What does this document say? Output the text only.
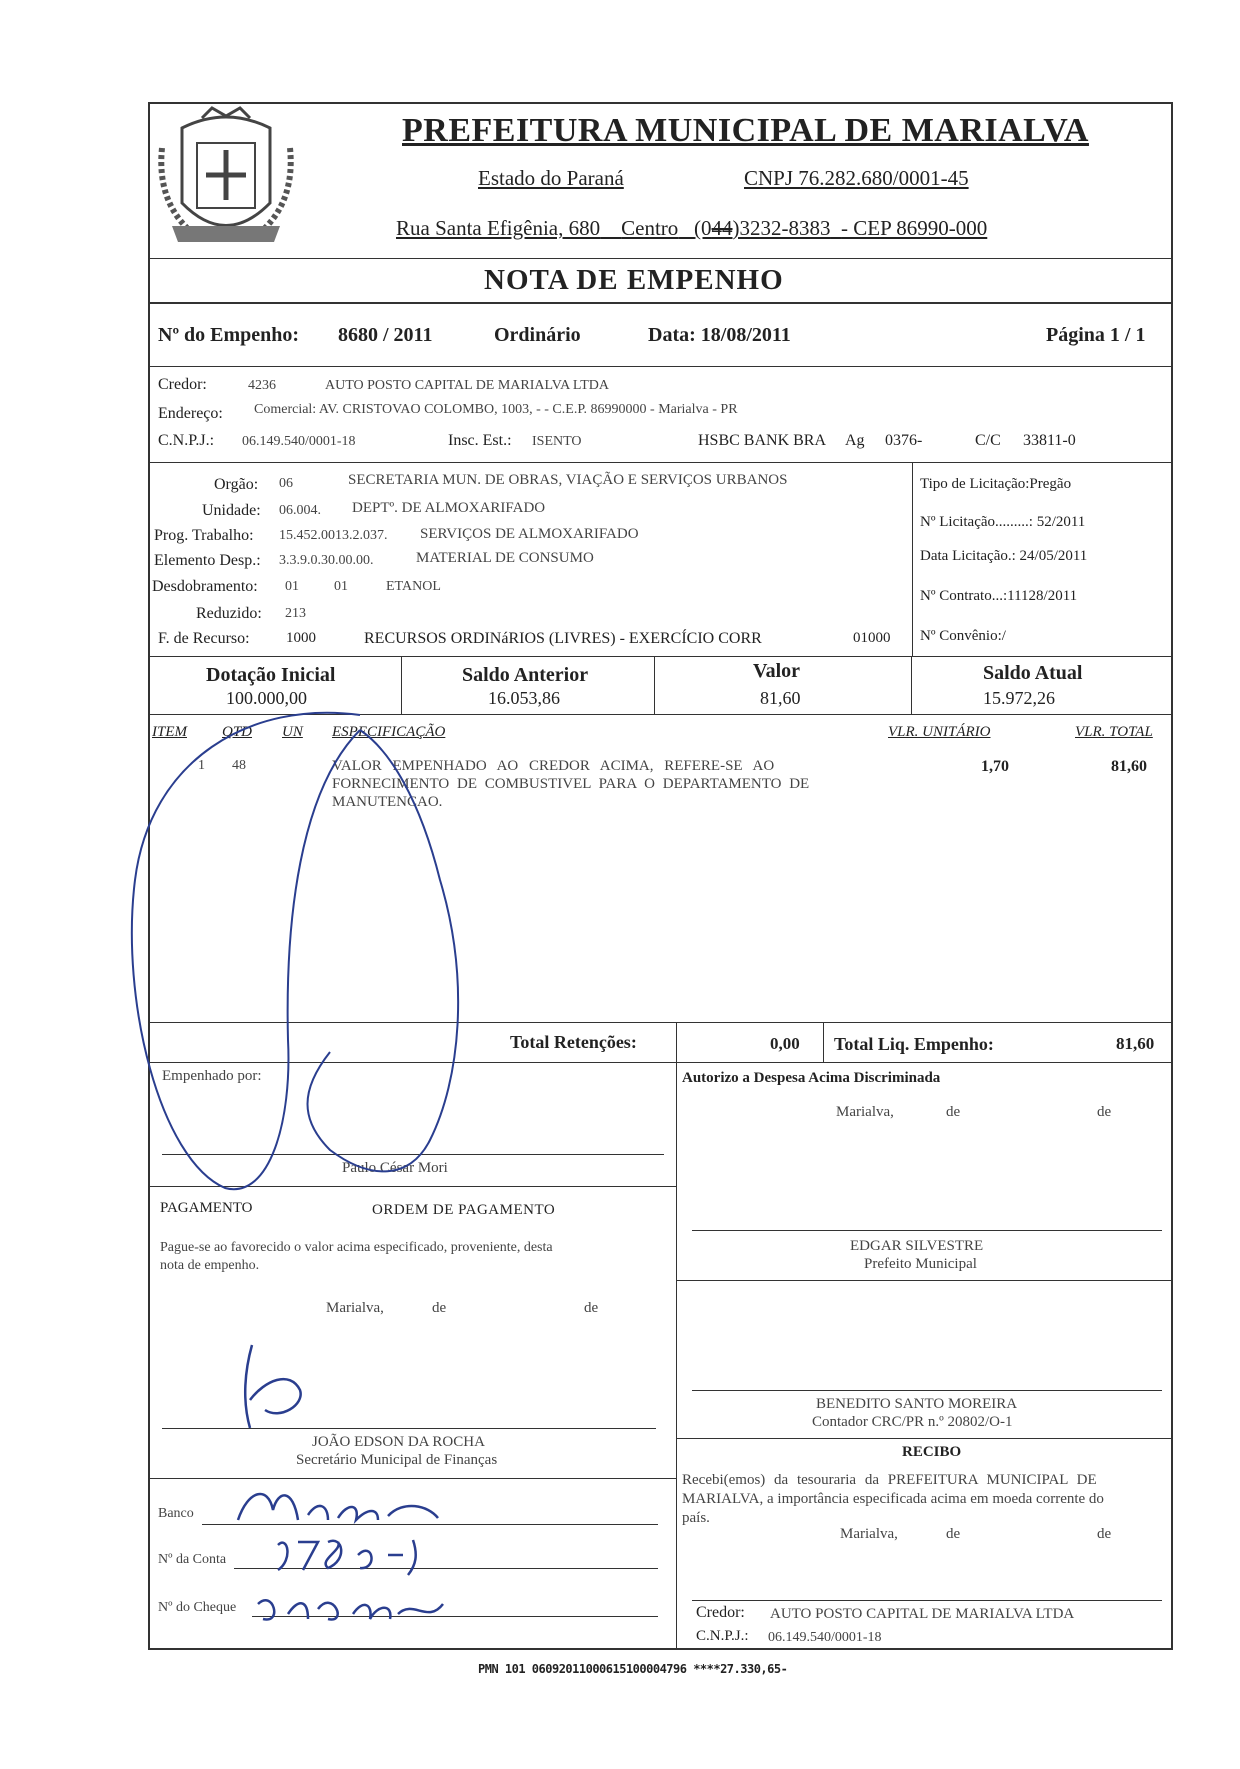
PREFEITURA MUNICIPAL DE MARIALVA
Estado do Paraná	CNPJ 76.282.680/0001-45
Rua Santa Efigênia, 680 Centro (044)3232-8383 - CEP 86990-000
NOTA DE EMPENHO
Nº do Empenho: 8680 / 2011	Ordinário	Data: 18/08/2011	Página 1 / 1
Credor:	4236	AUTO POSTO CAPITAL DE MARIALVA LTDA
Endereço: Comercial: AV. CRISTOVAO COLOMBO, 1003, - - C.E.P. 86990000 - Marialva - PR
C.N.P.J.: 06.149.540/0001-18	Insc. Est.: ISENTO	HSBC BANK BRA Ag 0376-	C/C 33811-0
Orgão: 06	SECRETARIA MUN. DE OBRAS, VIAÇÃO E SERVIÇOS URBANOS
Unidade: 06.004. DEPTº. DE ALMOXARIFADO
Prog. Trabalho: 15.452.0013.2.037. SERVIÇOS DE ALMOXARIFADO
Elemento Desp.: 3.3.9.0.30.00.00.	MATERIAL DE CONSUMO
Desdobramento: 01	01	ETANOL
Reduzido: 213
F. de Recurso: 1000	RECURSOS ORDINáRIOS (LIVRES) - EXERCÍCIO CORR	01000
Tipo de Licitação:Pregão
Nº Licitação.........: 52/2011
Data Licitação.: 24/05/2011
Nº Contrato...:11128/2011
Nº Convênio:/
Dotação Inicial
100.000,00
Saldo Anterior
16.053,86
Valor
81,60
Saldo Atual
15.972,26
ITEM QTD UN ESPECIFICAÇÃO	VLR. UNITÁRIO	VLR. TOTAL
1 48	VALOR EMPENHADO AO CREDOR ACIMA, REFERE-SE AO
FORNECIMENTO DE COMBUSTIVEL PARA O DEPARTAMENTO DE
MANUTENCAO.
1,70	81,60
Total Retenções:	0,00 Total Liq. Empenho:	81,60
Empenhado por:
Paulo César Mori
Autorizo a Despesa Acima Discriminada
Marialva,	de	de
EDGAR SILVESTRE
Prefeito Municipal
PAGAMENTO	ORDEM DE PAGAMENTO
Pague-se ao favorecido o valor acima especificado, proveniente, desta
nota de empenho.
Marialva,	de	de
JOÃO EDSON DA ROCHA
Secretário Municipal de Finanças
Banco
Nº da Conta
Nº do Cheque
BENEDITO SANTO MOREIRA
Contador CRC/PR n.º 20802/O-1
RECIBO
Recebi(emos) da tesouraria da PREFEITURA MUNICIPAL DE
MARIALVA, a importância especificada acima em moeda corrente do
país.
Marialva,	de	de
Credor: AUTO POSTO CAPITAL DE MARIALVA LTDA
C.N.P.J.: 06.149.540/0001-18
PMN 101 06092011000615100004796 ****27.330,65-
